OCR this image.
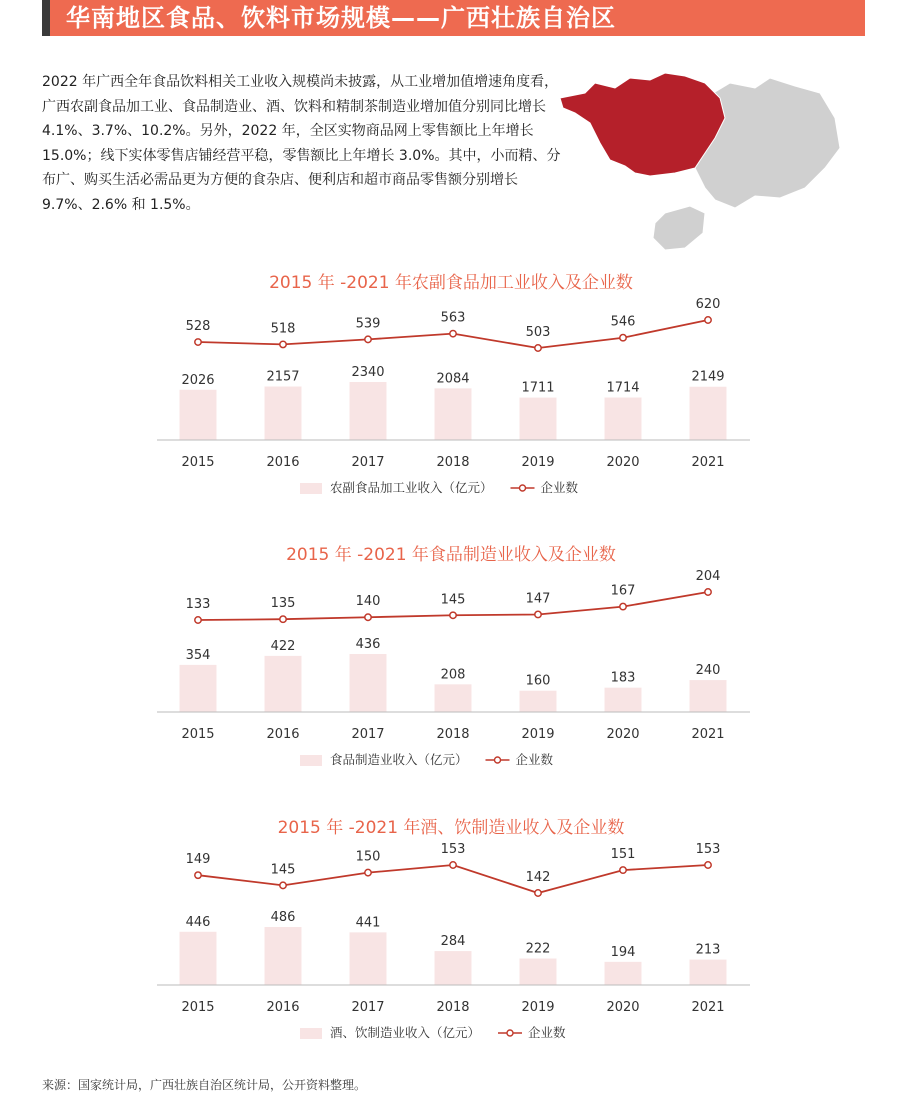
华南地区食品、饮料市场规模——广西壮族自治区
2022 年广西全年食品饮料相关工业收入规模尚未披露，从工业增加值增速角度看，广西农副食品加工业、食品制造业、酒、饮料和精制茶制造业增加值分别同比增长 4.1%、3.7%、10.2%。另外，2022 年，全区实物商品网上零售额比上年增长 15.0%；线下实体零售店铺经营平稳，零售额比上年增长 3.0%。其中，小而精、分布广、购买生活必需品更为方便的食杂店、便利店和超市商品零售额分别增长 9.7%、2.6% 和 1.5%。
2015 年 -2021 年农副食品加工业收入及企业数
2026	2157	2340	2084
1711	1714
2149
2015	2016	2017	2018	2019	2020	2021
528	518	539	563
503
546
620
农副食品加工业收入（亿元）	企业数
2015 年 -2021 年食品制造业收入及企业数
354
422	436
208	160	183
240
2015	2016	2017	2018	2019	2020	2021
133	135	140	145	147
167
204
食品制造业收入（亿元）	企业数
2015 年 -2021 年酒、饮制造业收入及企业数
446	486	441
284	222	194	213
2015	2016	2017	2018	2019	2020	2021
149
145
150
153
142
151	153
酒、饮制造业收入（亿元）	企业数
来源：国家统计局，广西壮族自治区统计局，公开资料整理。
